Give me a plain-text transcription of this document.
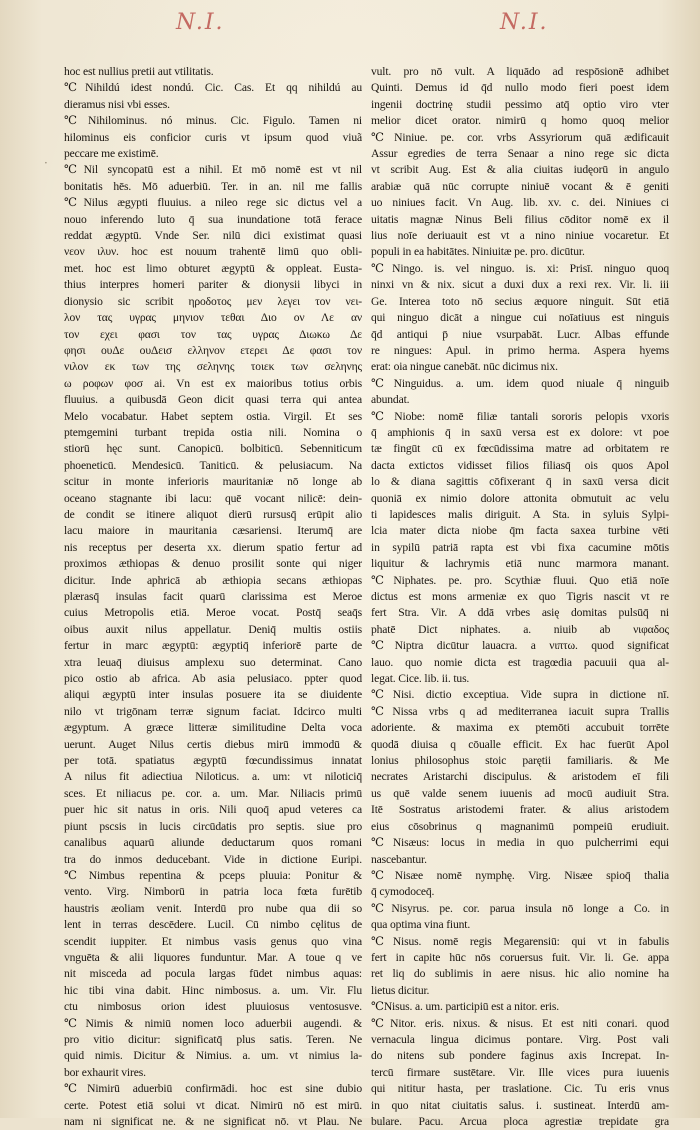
N.I.	N.I.
·
hoc est nullius pretii aut vtilitatis.
℃Nihildú idest nondú. Cic. Cas. Et qq nihildú au
dieramus nisi vbi esses.
℃Nihilominus. nó minus. Cic. Figulo. Tamen ni
hilominus eis conficior curis vt ipsum quod viuã
peccare me existimē.
℃Nil syncopatū est a nihil. Et mō nomē est vt nil
bonitatis hēs. Mō aduerbiū. Ter. in an. nil me fallis
℃Nilus ægypti fluuius. a nileo rege sic dictus vel a
nouo inferendo luto q̄ sua inundatione totā ferace
reddat ægyptū. Vnde Ser. nilū dici existimat quasi
νεον ιλυν. hoc est nouum trahentē limū quo obli-
met. hoc est limo obturet ægyptū & oppleat. Eusta-
thius interpres homeri pariter & dionysii libyci in
dionysio sic scribit ηροδοτος μεν λεγει τον νει-
λον τας υγρας μηνιον τεθαι Διο ον Λε αν
τον εχει φασι τον τας υγρας Διωκω Δε
φησι ουΔε ουΔεισ ελληνον ετερει Δε φασι τον
νιλον εκ των της σεληνης τοιεκ των σεληνης
ω ροφων φοσ ai. Vn est ex maioribus totius orbis
fluuius. a quibusdā Geon dicit quasi terra qui antea
Melo vocabatur. Habet septem ostia. Virgil. Et ses
ptemgemini turbant trepida ostia nili. Nomina o
stiorū hęc sunt. Canopicū. bolbiticū. Sebenniticum
phoeneticū. Mendesicū. Taniticū. & pelusiacum. Na
scitur in monte inferioris mauritaniæ nō longe ab
oceano stagnante ibi lacu: quē vocant nilicē: dein-
de condit se itinere aliquot dierū rursusq̄ erūpit alio
lacu maiore in mauritania cæsariensi. Iterumq̄ are
nis receptus per deserta xx. dierum spatio fertur ad
proximos æthiopas & denuo prosilit sonte qui niger
dicitur. Inde aphricā ab æthiopia secans æthiopas
plærasq̄ insulas facit quarū clarissima est Meroe
cuius Metropolis etiā. Meroe vocat. Postq̄ seaq̄s
oibus auxit nilus appellatur. Deniq̄ multis ostiis
fertur in marc ægyptū: ægyptiq̄ inferiorē parte de
xtra leuaq̄ diuisus amplexu suo determinat. Cano
pico ostio ab africa. Ab asia pelusiaco. ppter quod
aliqui ægyptū inter insulas posuere ita se diuidente
nilo vt trigōnam terræ signum faciat. Idcirco multi
ægyptum. A græce litteræ similitudine Delta voca
uerunt. Auget Nilus certis diebus mirū immodū &
per totā. spatiatus ægyptū fœcundissimus innatat
A nilus fit adiectiua Niloticus. a. um: vt niloticiq̄
sces. Et niliacus pe. cor. a. um. Mar. Niliacis primū
puer hic sit natus in oris. Nili quoq̄ apud veteres ca
piunt pscsis in lucis circūdatis pro septis. siue pro
canalibus aquarū aliunde deductarum quos romani
tra do inmos deducebant. Vide in dictione Euripi.
℃Nimbus repentina & pceps pluuia: Ponitur &
vento. Virg. Nimborū in patria loca fœta furētib
haustris æoliam venit. Interdū pro nube qua dii so
lent in terras descēdere. Lucil. Cū nimbo cęlitus de
scendit iuppiter. Et nimbus vasis genus quo vina
vnguēta & alii liquores funduntur. Mar. A toue q ve
nit misceda ad pocula largas fūdet nimbus aquas:
hic tibi vina dabit. Hinc nimbosus. a. um. Vir. Flu
ctu nimbosus orion idest pluuiosus ventosusve.
℃Nimis & nimiū nomen loco aduerbii augendi. &
pro vitio dicitur: significatq̄ plus satis. Teren. Ne
quid nimis. Dicitur & Nimius. a. um. vt nimius la-
bor exhaurit vires.
℃Nimirū aduerbiū confirmādi. hoc est sine dubio
certe. Potest etiā solui vt dicat. Nimirū nō est mirū.
nam ni significat ne. & ne significat nō. vt Plau. Ne
vult. pro nō vult. A liquādo ad respōsionē adhibet
Quinti. Demus id q̄d nullo modo fieri poest idem
ingenii doctrinę studii pessimo atq̄ optio viro vter
melior dicet orator. nimirū q homo quoq melior
℃Niniue. pe. cor. vrbs Assyriorum quā ædificauit
Assur egredies de terra Senaar a nino rege sic dicta
vt scribit Aug. Est & alia ciuitas iudęorū in angulo
arabiæ quā nūc corrupte niniuē vocant & ē geniti
uo niniues facit. Vn Aug. lib. xv. c. dei. Niniues ci
uitatis magnæ Ninus Beli filius cōditor nomē ex il
lius noīe deriuauit est vt a nino niniue vocaretur. Et
populi in ea habitātes. Niniuitæ pe. pro. dicūtur.
℃Ningo. is. vel ninguo. is. xi: Prisī. ninguo quoq
ninxi vn & nix. sicut a duxi dux a rexi rex. Vir. li. iii
Ge. Interea toto nō secius æquore ninguit. Sūt etiā
qui ninguo dicāt a ningue cui noīatiuus est ninguis
q̄d antiqui p̄ niue vsurpabāt. Lucr. Albas effunde
re ningues: Apul. in primo herma. Aspera hyems
erat: oia ningue canebāt. nūc dicimus nix.
℃Ninguidus. a. um. idem quod niuale q̄ ninguib
abundat.
℃Niobe: nomē filiæ tantali sororis pelopis vxoris
q̄ amphionis q̄ in saxū versa est ex dolore: vt poe
tæ fingūt cū ex fœcūdissima matre ad orbitatem re
dacta extictos vidisset filios filiasq̄ ois quos Apol
lo & diana sagittis cōfixerant q̄ in saxū versa dicit
quoniā ex nimio dolore attonita obmutuit ac velu
ti lapidesces malis diriguit. A Sta. in syluis Sylpi-
lcia mater dicta niobe q̄m facta saxea turbine vēti
in sypilū patriā rapta est vbi fixa cacumine mōtis
liquitur & lachrymis etiā nunc marmora manant.
℃Niphates. pe. pro. Scythiæ fluui. Quo etiā noīe
dictus est mons armeniæ ex quo Tigris nascit vt re
fert Stra. Vir. A ddā vrbes asię domitas pulsūq̄ ni
phatē Dict niphates. a. niuib ab νιφαδος
℃Niptra dicūtur lauacra. a νιπτω. quod significat
lauo. quo nomie dicta est tragœdia pacuuii qua al-
legat. Cice. lib. ii. tus.
℃Nisi. dictio exceptiua. Vide supra in dictione nī.
℃Nissa vrbs q ad mediterranea iacuit supra Trallis
adoriente. & maxima ex ptemōti accubuit torrēte
quodā diuisa q cōualle efficit. Ex hac fuerūt Apol
lonius philosophus stoic parętii familiaris. & Me
necrates Aristarchi discipulus. & aristodem eī fili
us quē valde senem iuuenis ad mocū audiuit Stra.
Itē Sostratus aristodemi frater. & alius aristodem
eius cōsobrinus q magnanimū pompeiū erudiuit.
℃Nisæus: locus in media in quo pulcherrimi equi
nascebantur.
℃Nisæe nomē nymphę. Virg. Nisæe spioq̄ thalia
q̄ cymodoceq̄.
℃Nisyrus. pe. cor. parua insula nō longe a Co. in
qua optima vina fiunt.
℃Nisus. nomē regis Megarensiū: qui vt in fabulis
fert in capite hūc nōs coruersus fuit. Vir. li. Ge. appa
ret liq do sublimis in aere nisus. hic alio nomine ha
lietus dicitur.
℃Nisus. a. um. participiū est a nitor. eris.
℃Nitor. eris. nixus. & nisus. Et est niti conari. quod
vernacula lingua dicimus pontare. Virg. Post vali
do nitens sub pondere faginus axis Increpat. In-
tercū firmare sustētare. Vir. Ille vices pura iuuenis
qui nititur hasta, per traslatione. Cic. Tu eris vnus
in quo nitat ciuitatis salus. i. sustineat. Interdū am-
bulare. Pacu. Arcua ploca agrestiæ trepidate gra
